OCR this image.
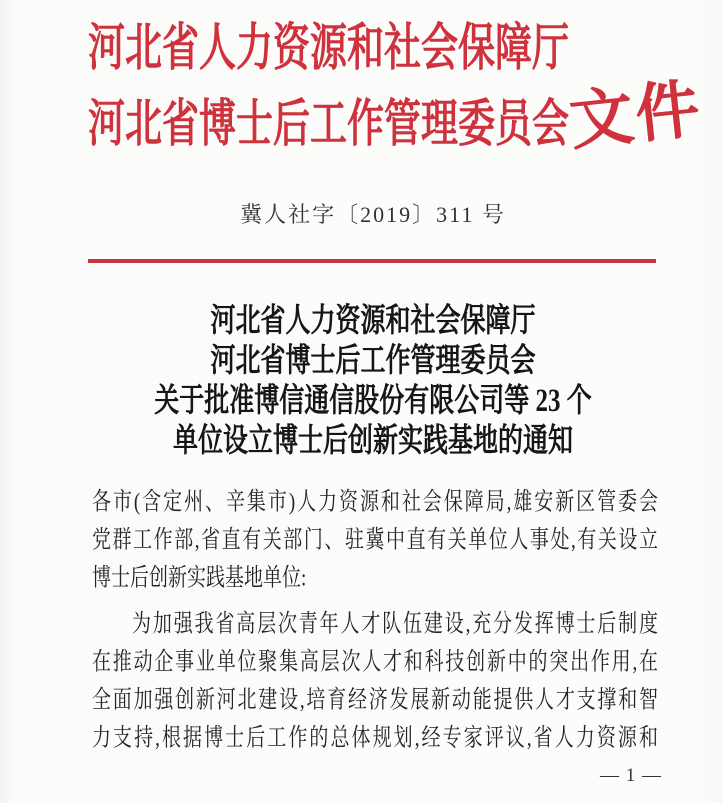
河北省人力资源和社会保障厅
河北省博士后工作管理委员会
文件
冀人社字〔2019〕311 号
河北省人力资源和社会保障厅
河北省博士后工作管理委员会
关于批准博信通信股份有限公司等 23 个
单位设立博士后创新实践基地的通知
各市(含定州、辛集市)人力资源和社会保障局,雄安新区管委会
党群工作部,省直有关部门、驻冀中直有关单位人事处,有关设立
博士后创新实践基地单位:
为加强我省高层次青年人才队伍建设,充分发挥博士后制度
在推动企事业单位聚集高层次人才和科技创新中的突出作用,在
全面加强创新河北建设,培育经济发展新动能提供人才支撑和智
力支持,根据博士后工作的总体规划,经专家评议,省人力资源和
— 1 —
